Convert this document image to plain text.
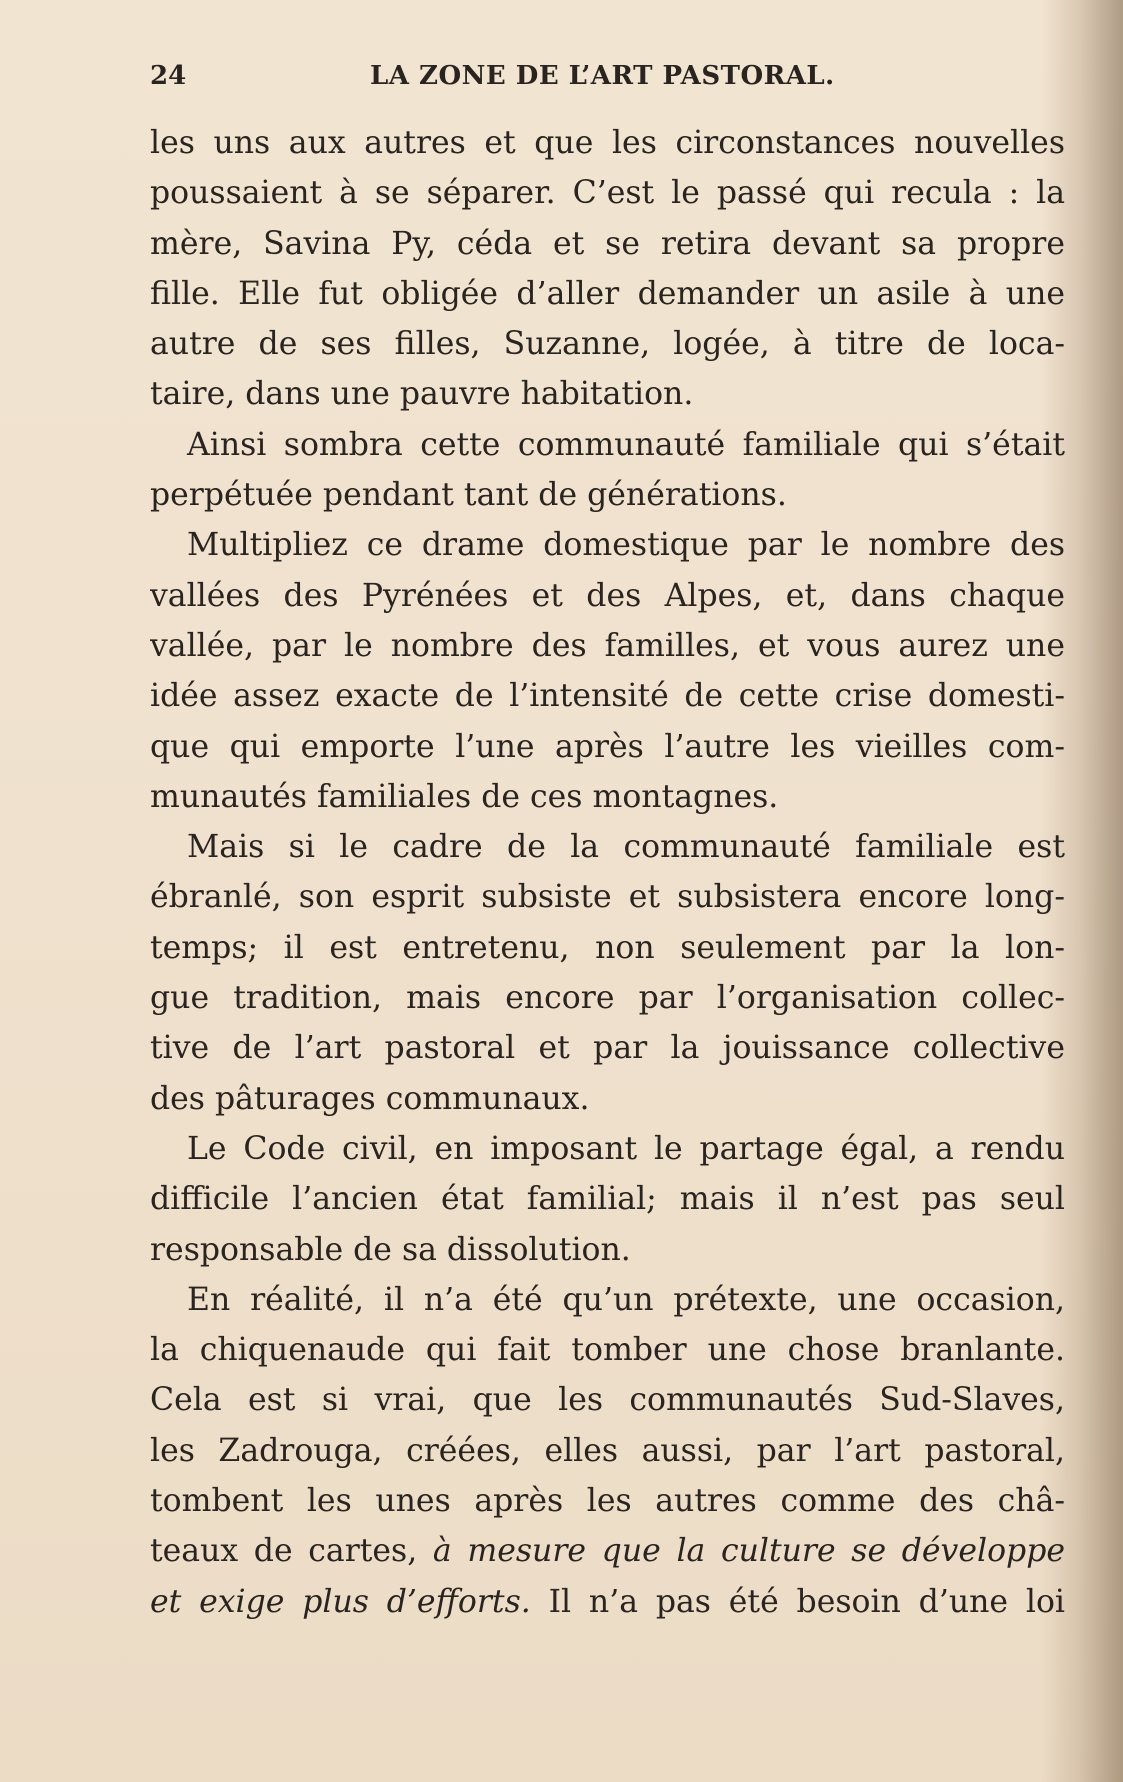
24	LA ZONE DE L’ART PASTORAL.
les uns aux autres et que les circonstances nouvelles
poussaient à se séparer. C’est le passé qui recula : la
mère, Savina Py, céda et se retira devant sa propre
fille. Elle fut obligée d’aller demander un asile à une
autre de ses filles, Suzanne, logée, à titre de loca-
taire, dans une pauvre habitation.
Ainsi sombra cette communauté familiale qui s’était
perpétuée pendant tant de générations.
Multipliez ce drame domestique par le nombre des
vallées des Pyrénées et des Alpes, et, dans chaque
vallée, par le nombre des familles, et vous aurez une
idée assez exacte de l’intensité de cette crise domesti-
que qui emporte l’une après l’autre les vieilles com-
munautés familiales de ces montagnes.
Mais si le cadre de la communauté familiale est
ébranlé, son esprit subsiste et subsistera encore long-
temps; il est entretenu, non seulement par la lon-
gue tradition, mais encore par l’organisation collec-
tive de l’art pastoral et par la jouissance collective
des pâturages communaux.
Le Code civil, en imposant le partage égal, a rendu
difficile l’ancien état familial; mais il n’est pas seul
responsable de sa dissolution.
En réalité, il n’a été qu’un prétexte, une occasion,
la chiquenaude qui fait tomber une chose branlante.
Cela est si vrai, que les communautés Sud-Slaves,
les Zadrouga, créées, elles aussi, par l’art pastoral,
tombent les unes après les autres comme des châ-
teaux de cartes, à mesure que la culture se développe
et exige plus d’efforts. Il n’a pas été besoin d’une loi
